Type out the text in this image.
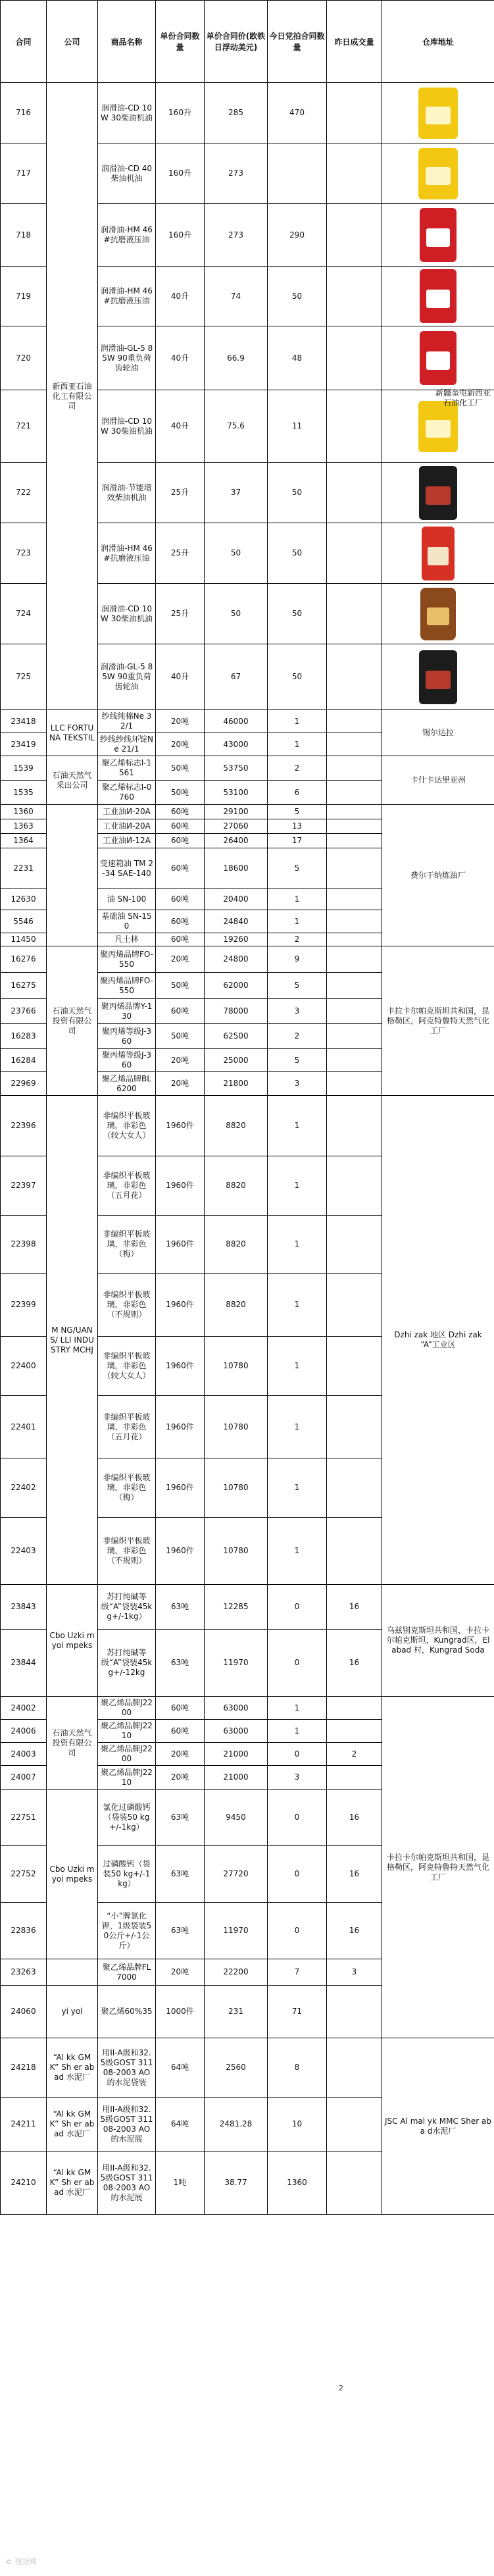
合同	公司	商品名称	单份合同数量	单价合同价(欧铁日浮动美元)	今日党拍合同数量	昨日成交量	仓库地址	
716	新西亚石油化工有限公司	润滑油-CD 10W 30柴油机油	160升	285	470			

717		润滑油-CD 40柴油机油	160升	273				

718		润滑油-HM 46#抗磨液压油	160升	273	290			

719		润滑油-HM 46#抗磨液压油	40升	74	50			

720		润滑油-GL-5 85W 90重负荷齿轮油	40升	66.9	48			

721		润滑油-CD 10W 30柴油机油	40升	75.6	11			

722		润滑油-节能增效柴油机油	25升	37	50			

723		润滑油-HM 46#抗磨液压油	25升	50	50			

724		润滑油-CD 10W 30柴油机油	25升	50	50			

725		润滑油-GL-5 85W 90重负荷齿轮油	40升	67	50			

23418	LLC FORTUNA TEKSTIL	纱线纯棉Ne 32/1	20吨	46000	1		锡尔达拉	
23419		纱线纱线环锭Ne 21/1	20吨	43000	1			
1539	石油天然气采出公司	聚乙烯标志I-1561	50吨	53750	2		卡什卡达里亚州	
1535		聚乙烯标志I-0760	50吨	53100	6			
1360		工业油И-20А	60吨	29100	5		费尔干纳炼油厂	
1363		工业油И-20А	60吨	27060	13			
1364		工业油И-12А	60吨	26400	17			
2231		变速箱油 TM 2-34 SAE-140	60吨	18600	5			
12630		油 SN-100	60吨	20400	1			
5546		基础油 SN-150	60吨	24840	1			
11450		凡士林	60吨	19260	2			
16276	石油天然气投资有限公司	聚丙烯品牌FO-550	20吨	24800	9		卡拉卡尔帕克斯坦共和国，昆格勒区，阿克特鲁特天然气化工厂	
16275		聚丙烯品牌FO-550	50吨	62000	5			
23766		聚丙烯品牌Y-130	60吨	78000	3			
16283		聚丙烯等级J-360	50吨	62500	2			
16284		聚丙烯等级J-360	20吨	25000	5			
22969		聚乙烯品牌BL6200	20吨	21800	3			
22396	M NG/UAN S/ LLI INDUSTRY MCHJ	非编织平板玻璃，非彩色（较大女人）	1960件	8820	1		Dzhi zak 地区 Dzhi zak “A”工业区	
22397		非编织平板玻璃，非彩色（五月花）	1960件	8820	1			
22398		非编织平板玻璃，非彩色（梅）	1960件	8820	1			
22399		非编织平板玻璃，非彩色（不规则）	1960件	8820	1			
22400		非编织平板玻璃，非彩色（较大女人）	1960件	10780	1			
22401		非编织平板玻璃，非彩色（五月花）	1960件	10780	1			
22402		非编织平板玻璃，非彩色（梅）	1960件	10780	1			
22403		非编织平板玻璃，非彩色（不规则）	1960件	10780	1			
23843	Cbo Uzki myoi mpeks	苏打纯碱等级“A”袋装45kg+/-1kg）	63吨	12285	0	16	乌兹别克斯坦共和国，卡拉卡尔帕克斯坦，Kungrad区，El abad 村，Kungrad Soda	
23844		苏打纯碱等级“A”袋装45kg+/-12kg	63吨	11970	0	16		
24002	石油天然气投资有限公司	聚乙烯品牌J2200	60吨	63000	1		卡拉卡尔帕克斯坦共和国，昆格勒区，阿克特鲁特天然气化工厂	
24006		聚乙烯品牌J2210	60吨	63000	1			
24003		聚乙烯品牌J2200	20吨	21000	0	2		
24007		聚乙烯品牌J2210	20吨	21000	3			
22751	Cbo Uzki myoi mpeks	氯化过磷酸钙（袋装50 kg+/-1kg）	63吨	9450	0	16		
22752		过磷酸钙（袋装50 kg+/-1 kg）	63吨	27720	0	16		
22836		“小”牌氯化钾，1级袋装50公斤+/-1公斤）	63吨	11970	0	16		
23263		聚乙烯品牌FL7000	20吨	22200	7	3		
24060	yi yol	聚乙烯60%35	1000件	231	71		
24218	“Al kk GMK” Sh er abad 水泥厂	用II-A级和32.5级GOST 31108-2003 AO的水泥袋装	64吨	2560	8		JSC Al mal yk MMC Sher aba d水泥厂	
24211	“Al kk GMK” Sh er abad 水泥厂	用II-A级和32.5级GOST 31108-2003 AO的水泥展	64吨	2481.28	10			
24210	“Al kk GMK” Sh er abad 水泥厂	用II-A级和32.5级GOST 31108-2003 AO的水泥展	1吨	38.77	1360			
© 现货网
新疆奎屯新西亚石油化工厂
2
